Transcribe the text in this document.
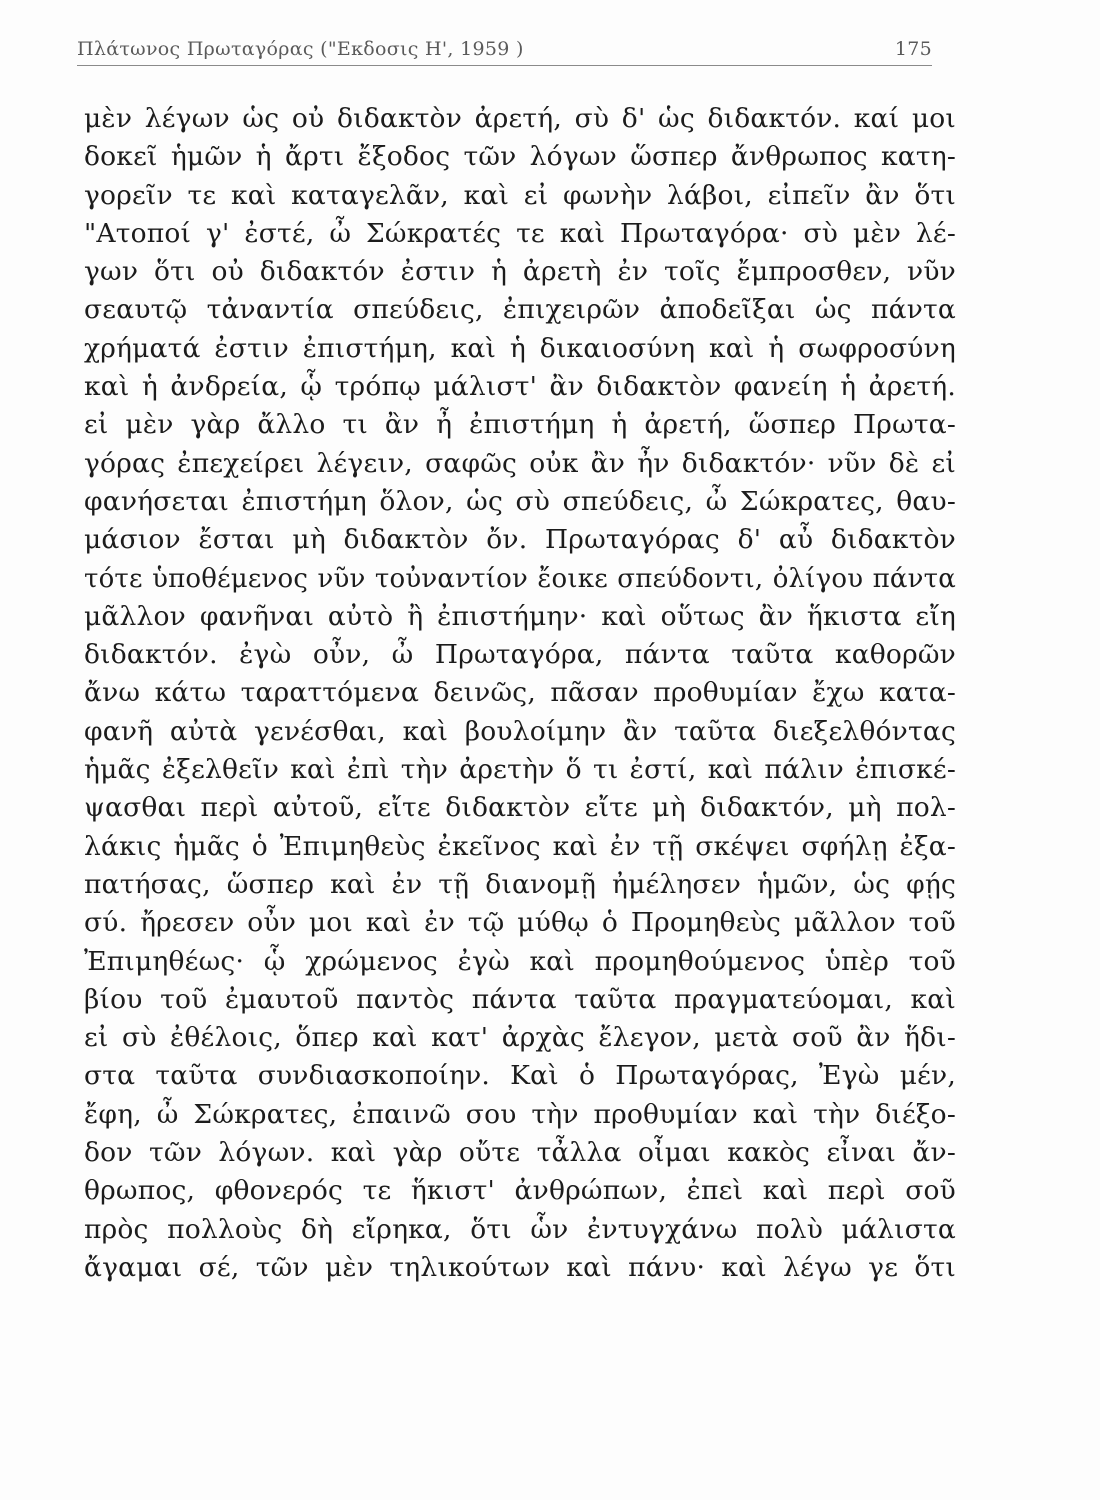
Πλάτωνος Πρωταγόρας ("Εκδοσις Η', 1959 )	175
μὲν λέγων ὡς οὐ διδακτὸν ἀρετή, σὺ δ' ὡς διδακτόν. καί μοι
δοκεῖ ἡμῶν ἡ ἄρτι ἔξοδος τῶν λόγων ὥσπερ ἄνθρωπος κατη-
γορεῖν τε καὶ καταγελᾶν, καὶ εἰ φωνὴν λάβοι, εἰπεῖν ἂν ὅτι
"Ατοποί γ' ἐστέ, ὦ Σώκρατές τε καὶ Πρωταγόρα· σὺ μὲν λέ-
γων ὅτι οὐ διδακτόν ἐστιν ἡ ἀρετὴ ἐν τοῖς ἔμπροσθεν, νῦν
σεαυτῷ τἀναντία σπεύδεις, ἐπιχειρῶν ἀποδεῖξαι ὡς πάντα
χρήματά ἐστιν ἐπιστήμη, καὶ ἡ δικαιοσύνη καὶ ἡ σωφροσύνη
καὶ ἡ ἀνδρεία, ᾧ τρόπῳ μάλιστ' ἂν διδακτὸν φανείη ἡ ἀρετή.
εἰ μὲν γὰρ ἄλλο τι ἂν ἦ ἐπιστήμη ἡ ἀρετή, ὥσπερ Πρωτα-
γόρας ἐπεχείρει λέγειν, σαφῶς οὐκ ἂν ἦν διδακτόν· νῦν δὲ εἰ
φανήσεται ἐπιστήμη ὅλον, ὡς σὺ σπεύδεις, ὦ Σώκρατες, θαυ-
μάσιον ἔσται μὴ διδακτὸν ὄν. Πρωταγόρας δ' αὖ διδακτὸν
τότε ὑποθέμενος νῦν τοὐναντίον ἔοικε σπεύδοντι, ὀλίγου πάντα
μᾶλλον φανῆναι αὐτὸ ἢ ἐπιστήμην· καὶ οὕτως ἂν ἥκιστα εἴη
διδακτόν. ἐγὼ οὖν, ὦ Πρωταγόρα, πάντα ταῦτα καθορῶν
ἄνω κάτω ταραττόμενα δεινῶς, πᾶσαν προθυμίαν ἔχω κατα-
φανῆ αὐτὰ γενέσθαι, καὶ βουλοίμην ἂν ταῦτα διεξελθόντας
ἡμᾶς ἐξελθεῖν καὶ ἐπὶ τὴν ἀρετὴν ὅ τι ἐστί, καὶ πάλιν ἐπισκέ-
ψασθαι περὶ αὐτοῦ, εἴτε διδακτὸν εἴτε μὴ διδακτόν, μὴ πολ-
λάκις ἡμᾶς ὁ Ἐπιμηθεὺς ἐκεῖνος καὶ ἐν τῇ σκέψει σφήλῃ ἐξα-
πατήσας, ὥσπερ καὶ ἐν τῇ διανομῇ ἠμέλησεν ἡμῶν, ὡς φῄς
σύ. ἤρεσεν οὖν μοι καὶ ἐν τῷ μύθῳ ὁ Προμηθεὺς μᾶλλον τοῦ
Ἐπιμηθέως· ᾧ χρώμενος ἐγὼ καὶ προμηθούμενος ὑπὲρ τοῦ
βίου τοῦ ἐμαυτοῦ παντὸς πάντα ταῦτα πραγματεύομαι, καὶ
εἰ σὺ ἐθέλοις, ὅπερ καὶ κατ' ἀρχὰς ἔλεγον, μετὰ σοῦ ἂν ἥδι-
στα ταῦτα συνδιασκοποίην. Καὶ ὁ Πρωταγόρας, Ἐγὼ μέν,
ἔφη, ὦ Σώκρατες, ἐπαινῶ σου τὴν προθυμίαν καὶ τὴν διέξο-
δον τῶν λόγων. καὶ γὰρ οὔτε τἆλλα οἶμαι κακὸς εἶναι ἄν-
θρωπος, φθονερός τε ἥκιστ' ἀνθρώπων, ἐπεὶ καὶ περὶ σοῦ
πρὸς πολλοὺς δὴ εἴρηκα, ὅτι ὧν ἐντυγχάνω πολὺ μάλιστα
ἄγαμαι σέ, τῶν μὲν τηλικούτων καὶ πάνυ· καὶ λέγω γε ὅτι
